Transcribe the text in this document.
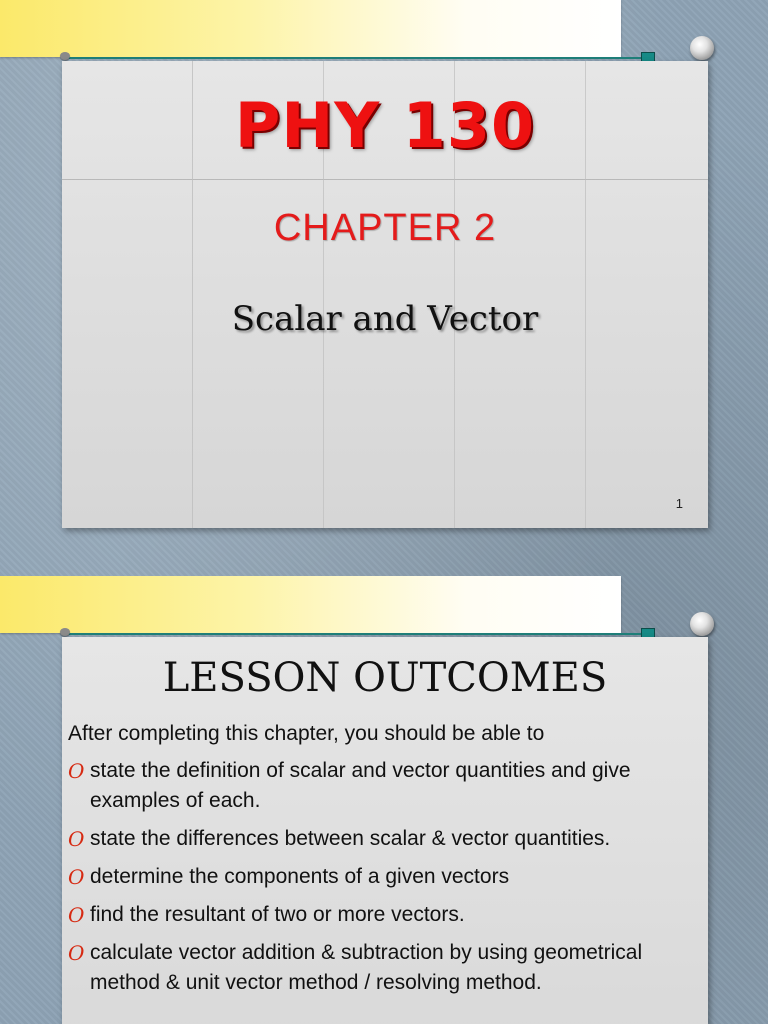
PHY 130
CHAPTER 2
Scalar and Vector
1
LESSON OUTCOMES
After completing this chapter, you should be able to
O state the definition of scalar and vector quantities and give examples of each.
O state the differences between scalar & vector quantities.
O determine the components of a given vectors
O find the resultant of two or more vectors.
O calculate vector addition & subtraction by using geometrical method & unit vector method / resolving method.
